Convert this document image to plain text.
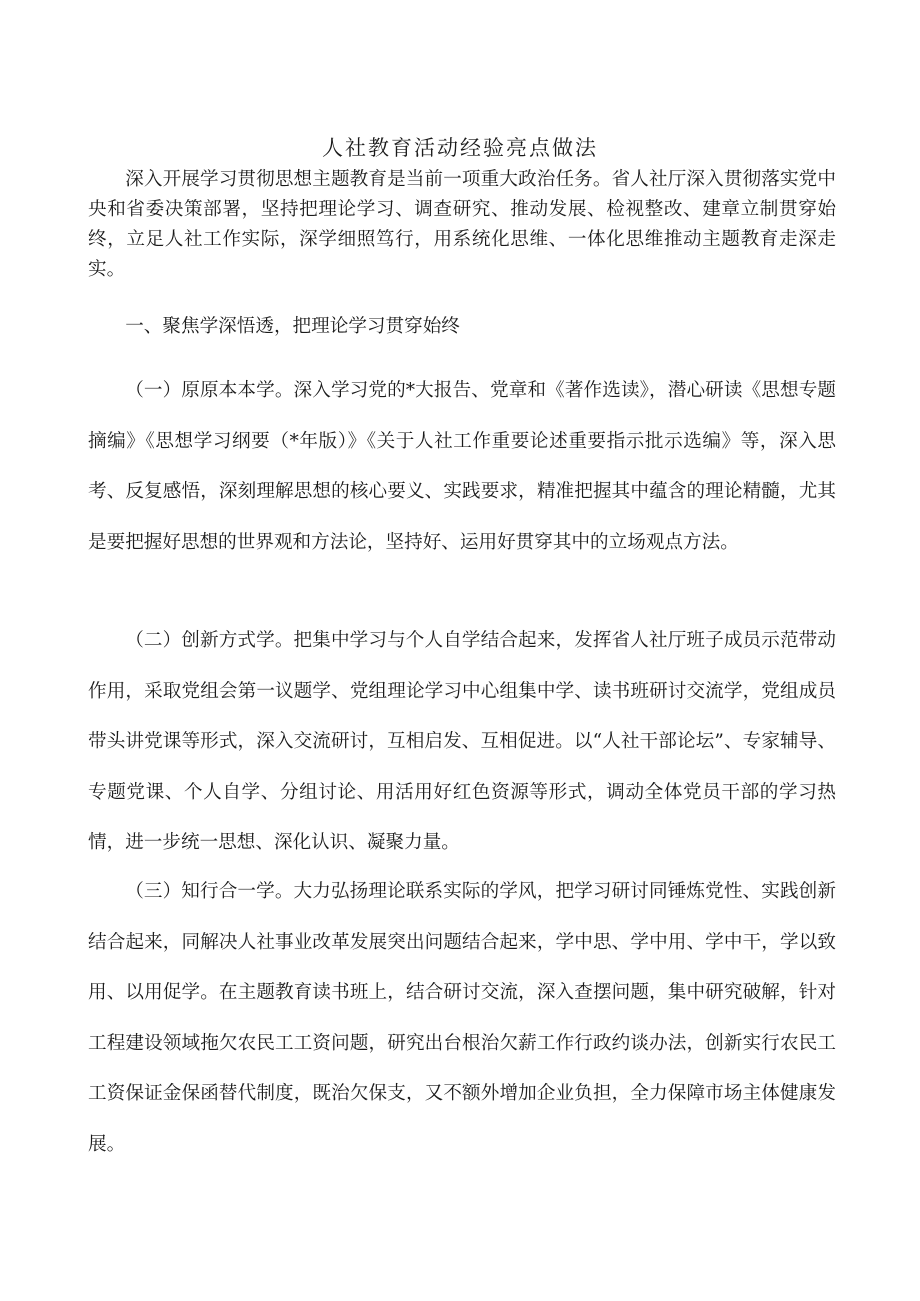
人社教育活动经验亮点做法

深入开展学习贯彻思想主题教育是当前一项重大政治任务。省人社厅深入贯彻落实党中央和省委决策部署，坚持把理论学习、调查研究、推动发展、检视整改、建章立制贯穿始终，立足人社工作实际，深学细照笃行，用系统化思维、一体化思维推动主题教育走深走实。

一、聚焦学深悟透，把理论学习贯穿始终

（一）原原本本学。深入学习党的*大报告、党章和《著作选读》，潜心研读《思想专题摘编》《思想学习纲要（*年版）》《关于人社工作重要论述重要指示批示选编》等，深入思考、反复感悟，深刻理解思想的核心要义、实践要求，精准把握其中蕴含的理论精髓，尤其是要把握好思想的世界观和方法论，坚持好、运用好贯穿其中的立场观点方法。

（二）创新方式学。把集中学习与个人自学结合起来，发挥省人社厅班子成员示范带动作用，采取党组会第一议题学、党组理论学习中心组集中学、读书班研讨交流学，党组成员带头讲党课等形式，深入交流研讨，互相启发、互相促进。以“人社干部论坛”、专家辅导、专题党课、个人自学、分组讨论、用活用好红色资源等形式，调动全体党员干部的学习热情，进一步统一思想、深化认识、凝聚力量。

（三）知行合一学。大力弘扬理论联系实际的学风，把学习研讨同锤炼党性、实践创新结合起来，同解决人社事业改革发展突出问题结合起来，学中思、学中用、学中干，学以致用、以用促学。在主题教育读书班上，结合研讨交流，深入查摆问题，集中研究破解，针对工程建设领域拖欠农民工工资问题，研究出台根治欠薪工作行政约谈办法，创新实行农民工工资保证金保函替代制度，既治欠保支，又不额外增加企业负担，全力保障市场主体健康发展。
